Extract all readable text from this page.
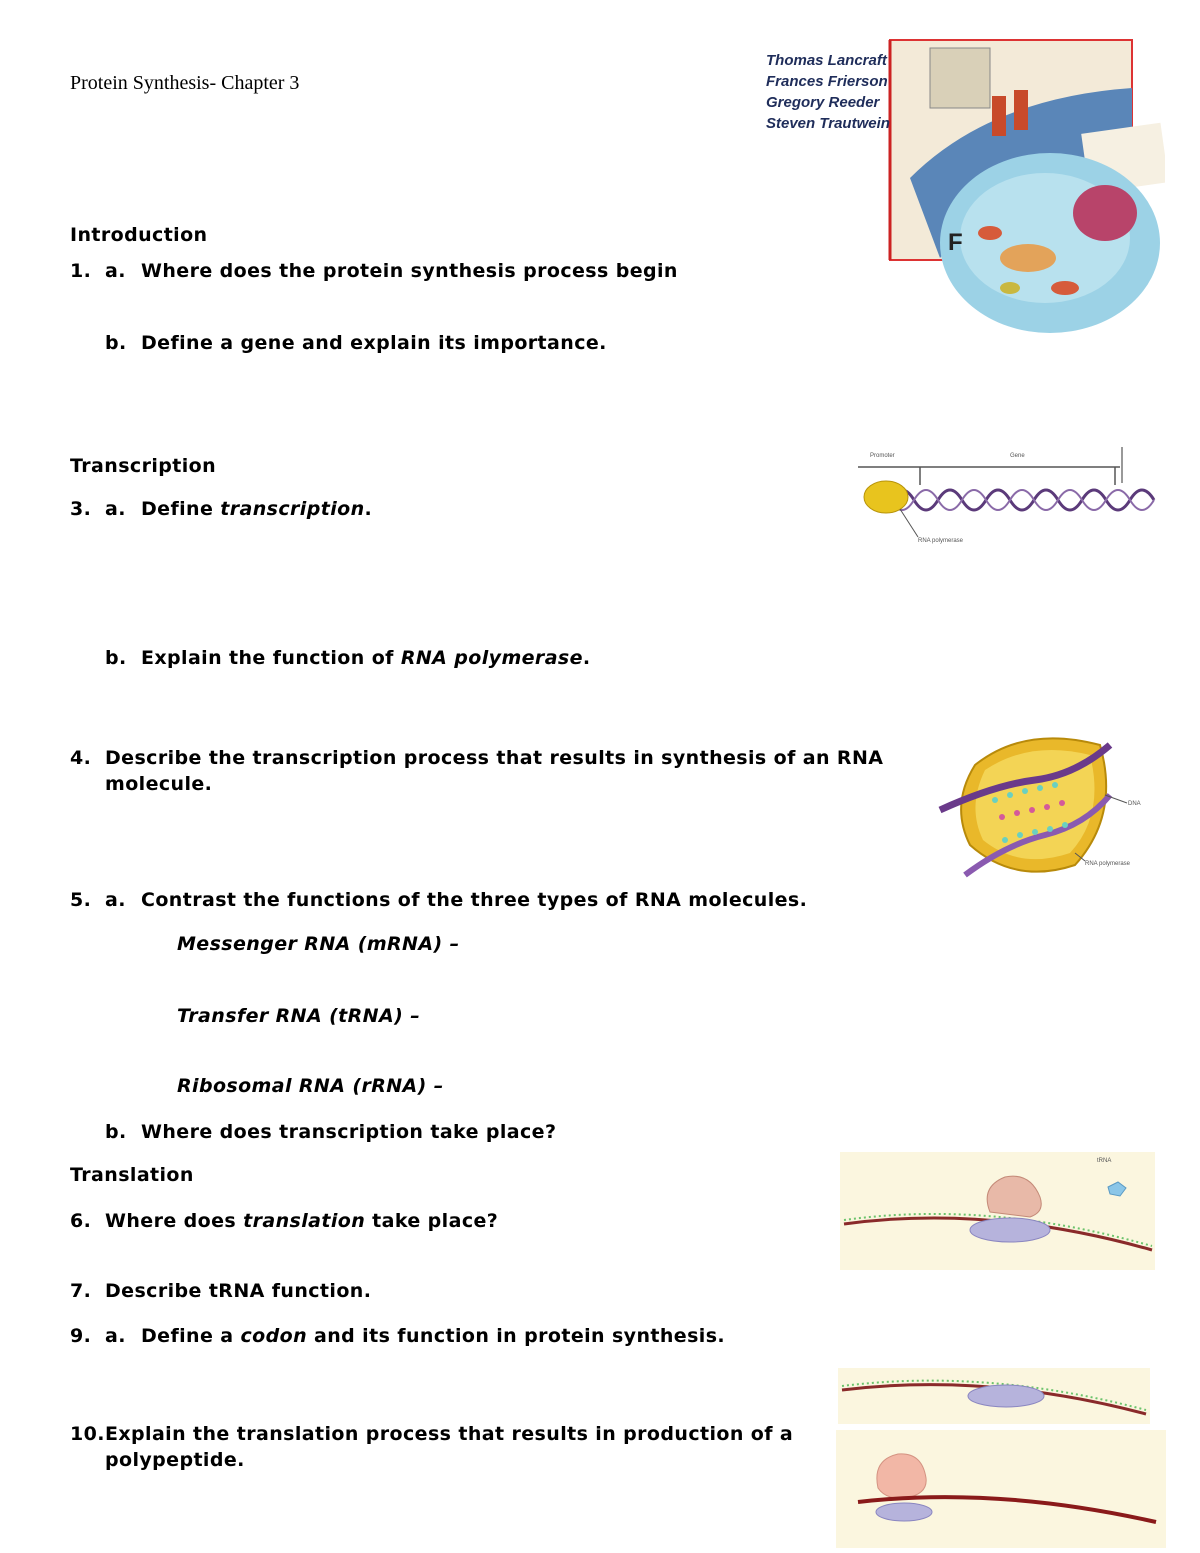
Protein Synthesis- Chapter 3
F
Thomas Lancraft
Frances Frierson
Gregory Reeder
Steven Trautwein
Introduction
1. a. Where does the protein synthesis process begin
b. Define a gene and explain its importance.
Transcription
3. a. Define transcription.
Promoter	Gene
RNA polymerase
b. Explain the function of RNA polymerase.
4. Describe the transcription process that results in synthesis of an RNA
molecule.
DNA
RNA polymerase
5. a. Contrast the functions of the three types of RNA molecules.
Messenger RNA (mRNA) –
Transfer RNA (tRNA) –
Ribosomal RNA (rRNA) –
b. Where does transcription take place?
Translation
6. Where does translation take place?
tRNA
7. Describe tRNA function.
9. a. Define a codon and its function in protein synthesis.
10. Explain the translation process that results in production of a
polypeptide.
